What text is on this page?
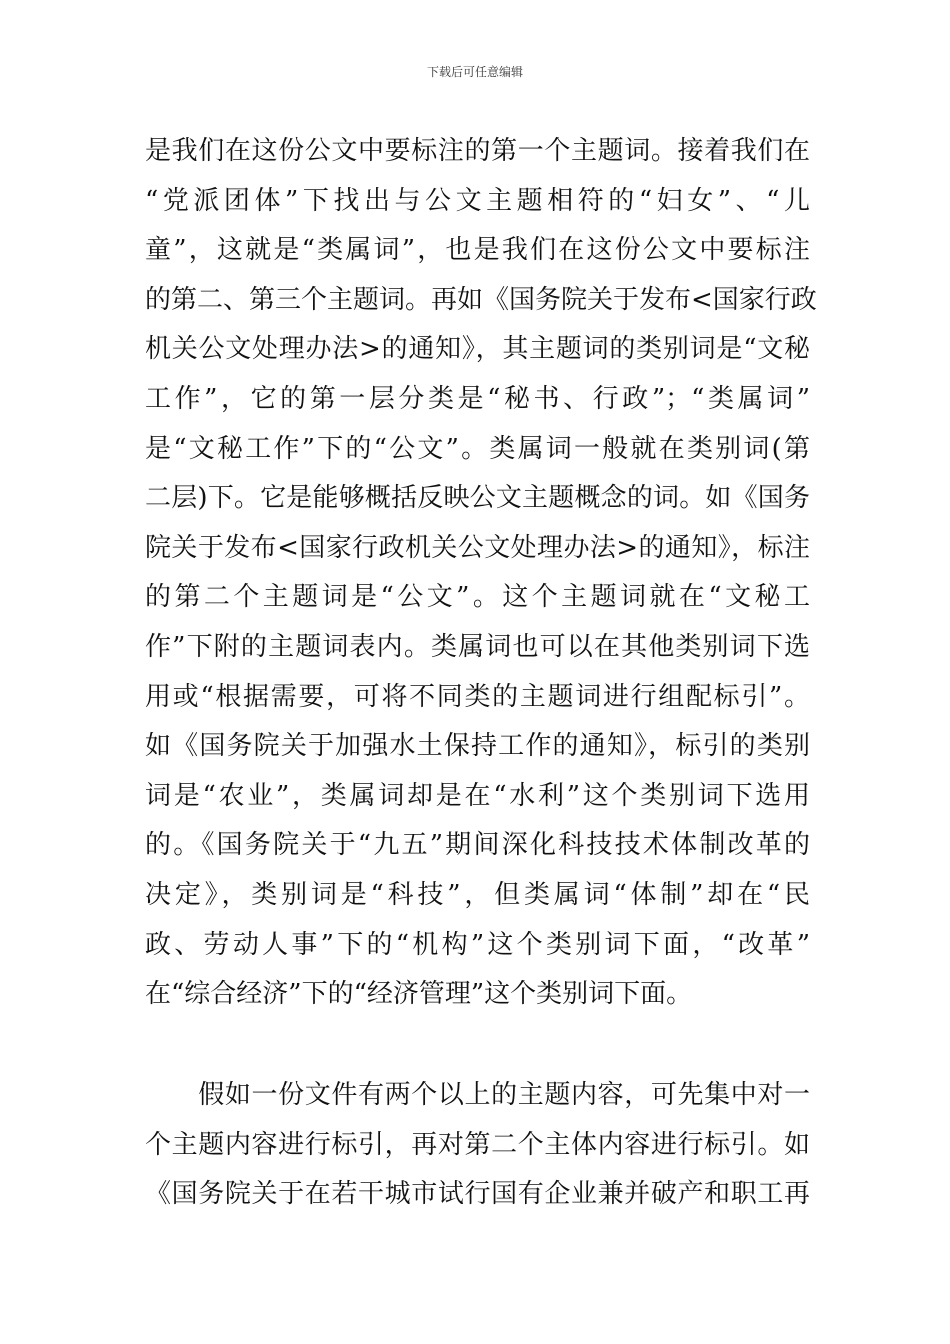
下载后可任意编辑
是我们在这份公文中要标注的第一个主题词。接着我们在
“党派团体”下找出与公文主题相符的“妇女”、“儿
童”，这就是“类属词”，也是我们在这份公文中要标注
的第二、第三个主题词。再如《国务院关于发布<国家行政
机关公文处理办法>的通知》，其主题词的类别词是“文秘
工作”，它的第一层分类是“秘书、行政”；“类属词”
是“文秘工作”下的“公文”。类属词一般就在类别词(第
二层)下。它是能够概括反映公文主题概念的词。如《国务
院关于发布<国家行政机关公文处理办法>的通知》，标注
的第二个主题词是“公文”。这个主题词就在“文秘工
作”下附的主题词表内。类属词也可以在其他类别词下选
用或“根据需要，可将不同类的主题词进行组配标引”。
如《国务院关于加强水土保持工作的通知》，标引的类别
词是“农业”，类属词却是在“水利”这个类别词下选用
的。《国务院关于“九五”期间深化科技技术体制改革的
决定》，类别词是“科技”，但类属词“体制”却在“民
政、劳动人事”下的“机构”这个类别词下面，“改革”
在“综合经济”下的“经济管理”这个类别词下面。
　　假如一份文件有两个以上的主题内容，可先集中对一
个主题内容进行标引，再对第二个主体内容进行标引。如
《国务院关于在若干城市试行国有企业兼并破产和职工再
